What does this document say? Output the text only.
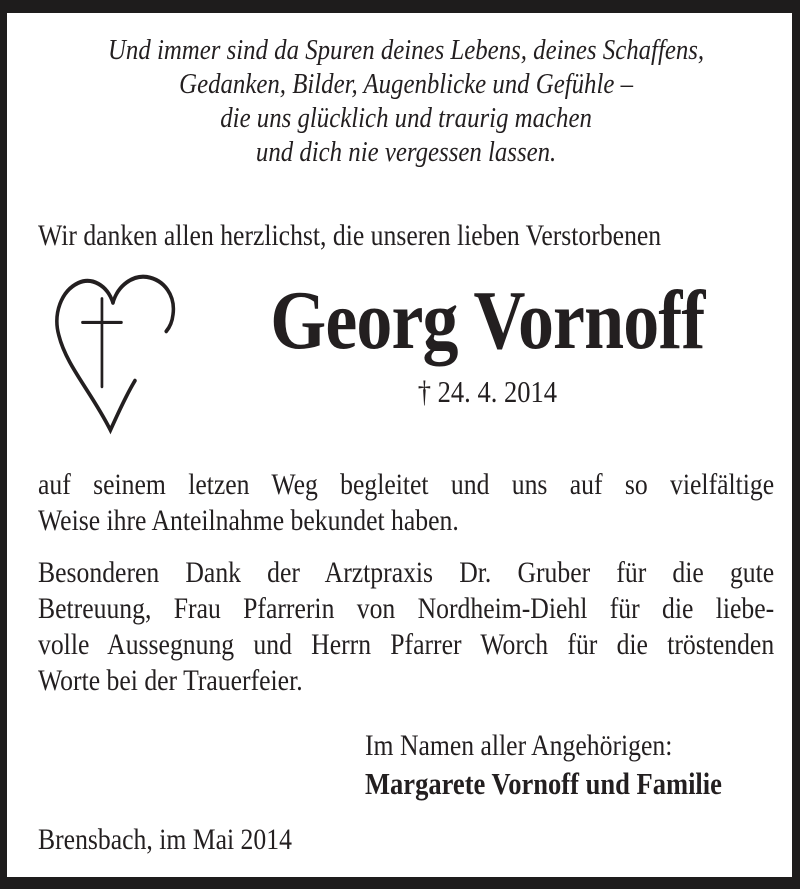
Und immer sind da Spuren deines Lebens, deines Schaffens,
Gedanken, Bilder, Augenblicke und Gefühle –
die uns glücklich und traurig machen
und dich nie vergessen lassen.
Wir danken allen herzlichst, die unseren lieben Verstorbenen
Georg Vornoff
† 24. 4. 2014
auf seinem letzen Weg begleitet und uns auf so vielfältige
Weise ihre Anteilnahme bekundet haben.
Besonderen Dank der Arztpraxis Dr. Gruber für die gute
Betreuung, Frau Pfarrerin von Nordheim-Diehl für die liebe-
volle Aussegnung und Herrn Pfarrer Worch für die tröstenden
Worte bei der Trauerfeier.
Im Namen aller Angehörigen:
Margarete Vornoff und Familie
Brensbach, im Mai 2014
